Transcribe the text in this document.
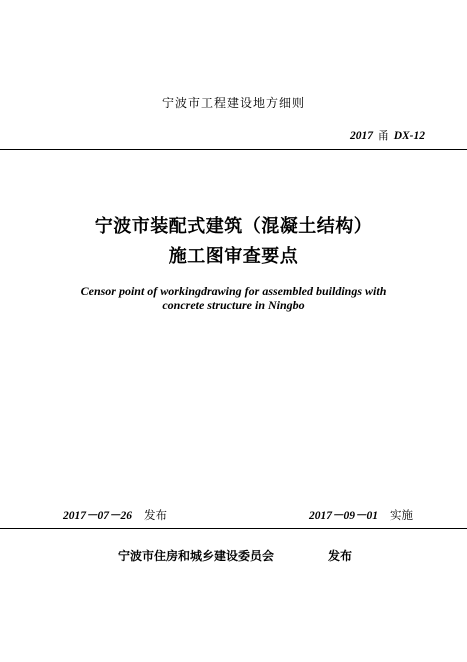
宁波市工程建设地方细则
2017 甬 DX-12
宁波市装配式建筑（混凝土结构）
施工图审查要点
Censor point of workingdrawing for assembled buildings with
concrete structure in Ningbo
2017－07－26 发布	2017－09－01 实施
宁波市住房和城乡建设委员会	发布
